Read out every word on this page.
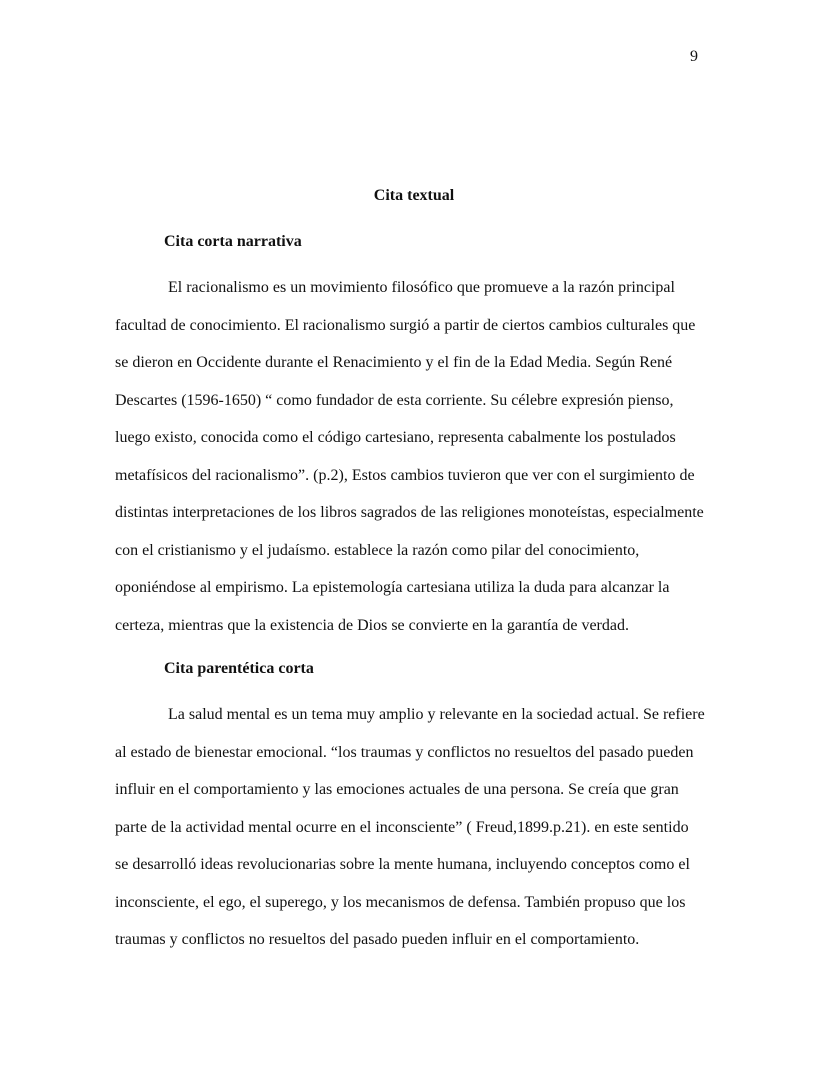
9
Cita textual
Cita corta narrativa
El racionalismo es un movimiento filosófico que promueve a la razón principal
facultad de conocimiento. El racionalismo surgió a partir de ciertos cambios culturales que
se dieron en Occidente durante el Renacimiento y el fin de la Edad Media. Según René
Descartes (1596-1650) “ como fundador de esta corriente. Su célebre expresión pienso,
luego existo, conocida como el código cartesiano, representa cabalmente los postulados
metafísicos del racionalismo”. (p.2), Estos cambios tuvieron que ver con el surgimiento de
distintas interpretaciones de los libros sagrados de las religiones monoteístas, especialmente
con el cristianismo y el judaísmo. establece la razón como pilar del conocimiento,
oponiéndose al empirismo. La epistemología cartesiana utiliza la duda para alcanzar la
certeza, mientras que la existencia de Dios se convierte en la garantía de verdad.
Cita parentética corta
La salud mental es un tema muy amplio y relevante en la sociedad actual. Se refiere
al estado de bienestar emocional. “los traumas y conflictos no resueltos del pasado pueden
influir en el comportamiento y las emociones actuales de una persona. Se creía que gran
parte de la actividad mental ocurre en el inconsciente” ( Freud,1899.p.21). en este sentido
se desarrolló ideas revolucionarias sobre la mente humana, incluyendo conceptos como el
inconsciente, el ego, el superego, y los mecanismos de defensa. También propuso que los
traumas y conflictos no resueltos del pasado pueden influir en el comportamiento.
